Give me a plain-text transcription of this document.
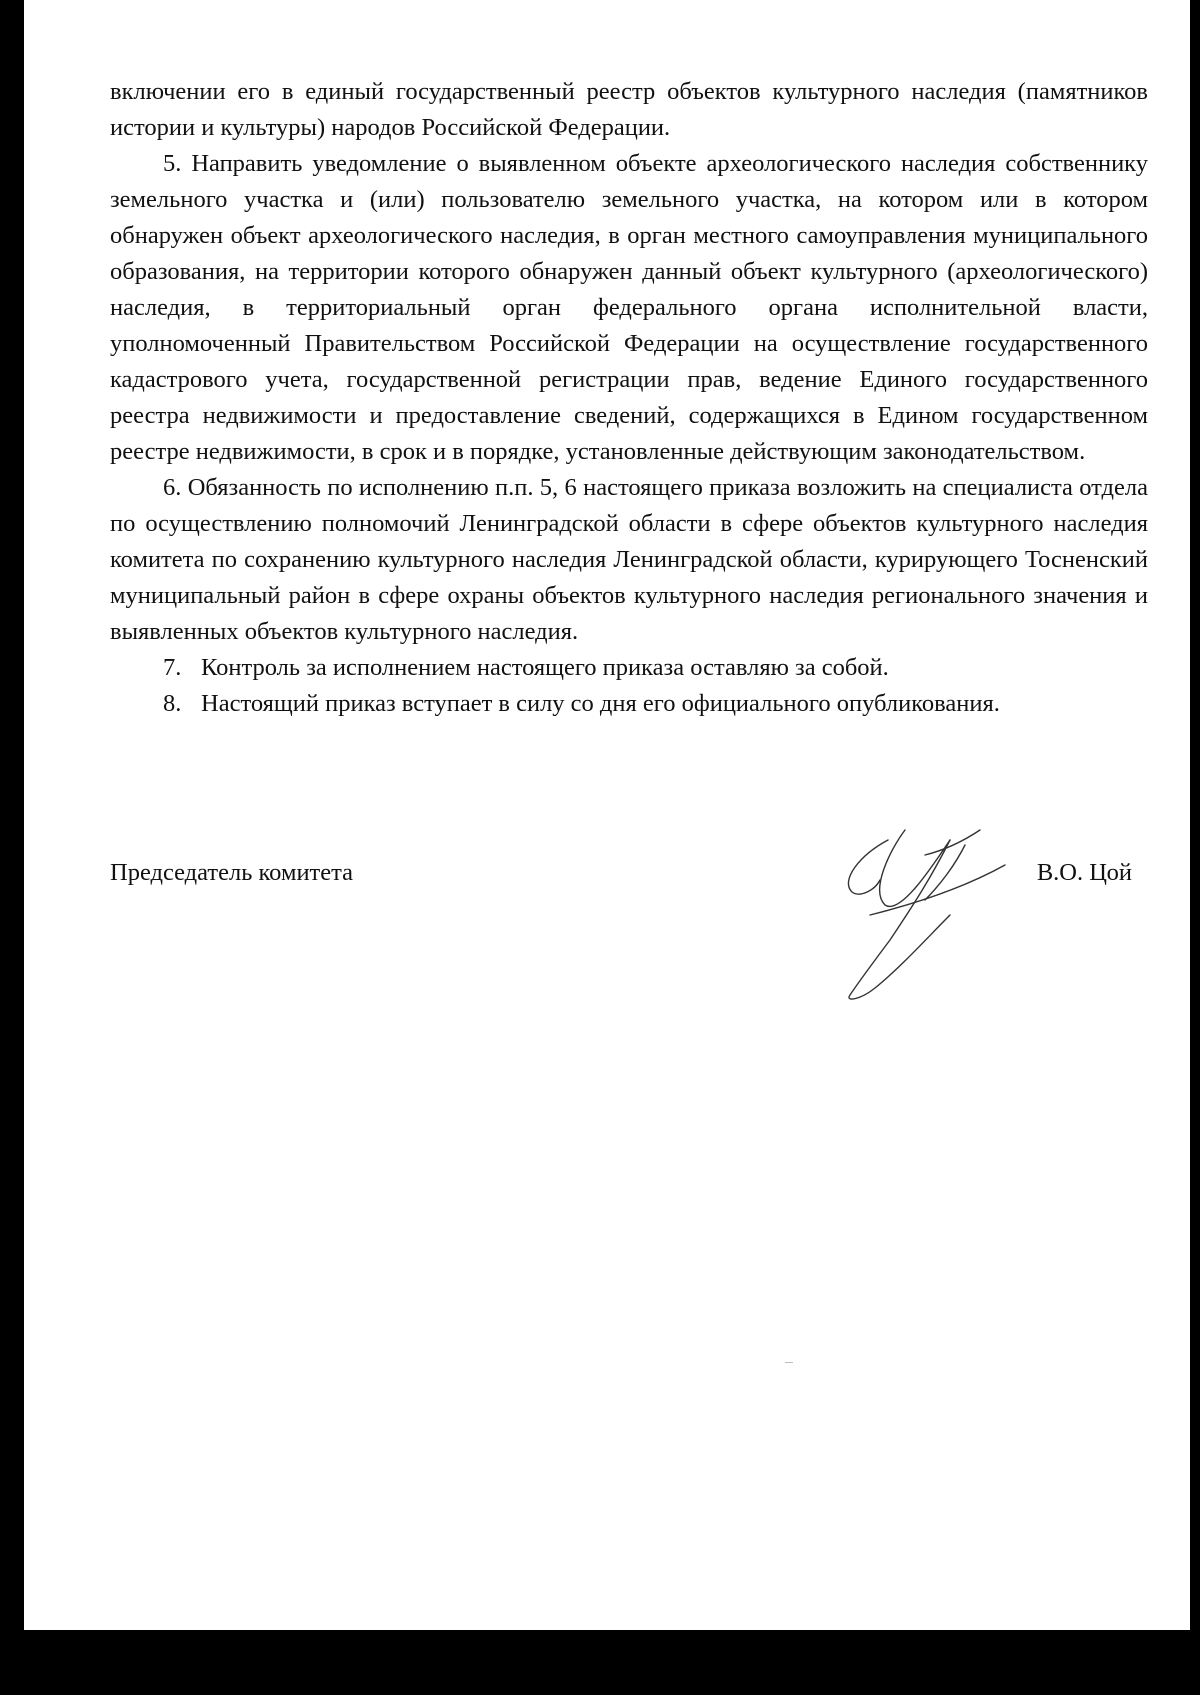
включении его в единый государственный реестр объектов культурного наследия (памятников истории и культуры) народов Российской Федерации.

5. Направить уведомление о выявленном объекте археологического наследия собственнику земельного участка и (или) пользователю земельного участка, на котором или в котором обнаружен объект археологического наследия, в орган местного самоуправления муниципального образования, на территории которого обнаружен данный объект культурного (археологического) наследия, в территориальный орган федерального органа исполнительной власти, уполномоченный Правительством Российской Федерации на осуществление государственного кадастрового учета, государственной регистрации прав, ведение Единого государственного реестра недвижимости и предоставление сведений, содержащихся в Едином государственном реестре недвижимости, в срок и в порядке, установленные действующим законодательством.

6. Обязанность по исполнению п.п. 5, 6 настоящего приказа возложить на специалиста отдела по осуществлению полномочий Ленинградской области в сфере объектов культурного наследия комитета по сохранению культурного наследия Ленинградской области, курирующего Тосненский муниципальный район в сфере охраны объектов культурного наследия регионального значения и выявленных объектов культурного наследия.

7. Контроль за исполнением настоящего приказа оставляю за собой.
8. Настоящий приказ вступает в силу со дня его официального опубликования.
Председатель комитета	В.О. Цой
